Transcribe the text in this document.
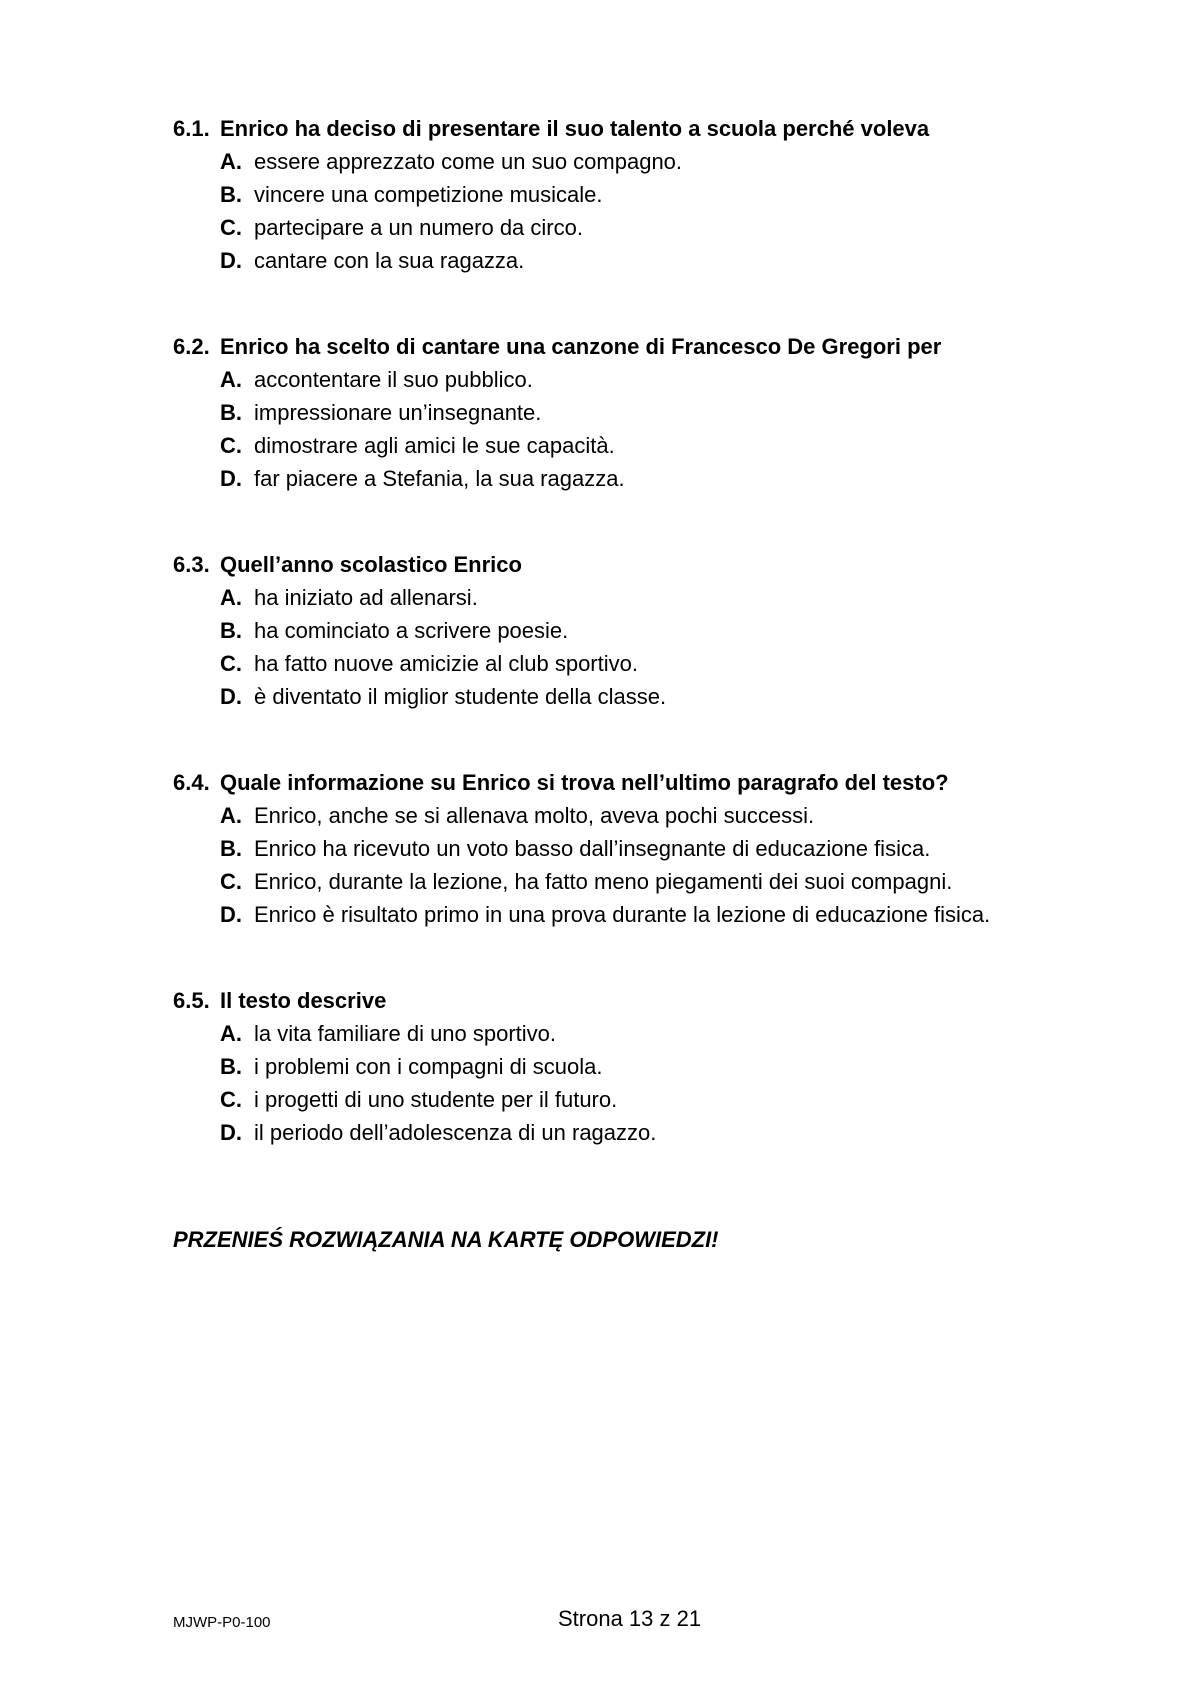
6.1. Enrico ha deciso di presentare il suo talento a scuola perché voleva
A. essere apprezzato come un suo compagno.
B. vincere una competizione musicale.
C. partecipare a un numero da circo.
D. cantare con la sua ragazza.
6.2. Enrico ha scelto di cantare una canzone di Francesco De Gregori per
A. accontentare il suo pubblico.
B. impressionare un’insegnante.
C. dimostrare agli amici le sue capacità.
D. far piacere a Stefania, la sua ragazza.
6.3. Quell’anno scolastico Enrico
A. ha iniziato ad allenarsi.
B. ha cominciato a scrivere poesie.
C. ha fatto nuove amicizie al club sportivo.
D. è diventato il miglior studente della classe.
6.4. Quale informazione su Enrico si trova nell’ultimo paragrafo del testo?
A. Enrico, anche se si allenava molto, aveva pochi successi.
B. Enrico ha ricevuto un voto basso dall’insegnante di educazione fisica.
C. Enrico, durante la lezione, ha fatto meno piegamenti dei suoi compagni.
D. Enrico è risultato primo in una prova durante la lezione di educazione fisica.
6.5. Il testo descrive
A. la vita familiare di uno sportivo.
B. i problemi con i compagni di scuola.
C. i progetti di uno studente per il futuro.
D. il periodo dell’adolescenza di un ragazzo.
PRZENIEŚ ROZWIĄZANIA NA KARTĘ ODPOWIEDZI!
MJWP-P0-100	Strona 13 z 21
